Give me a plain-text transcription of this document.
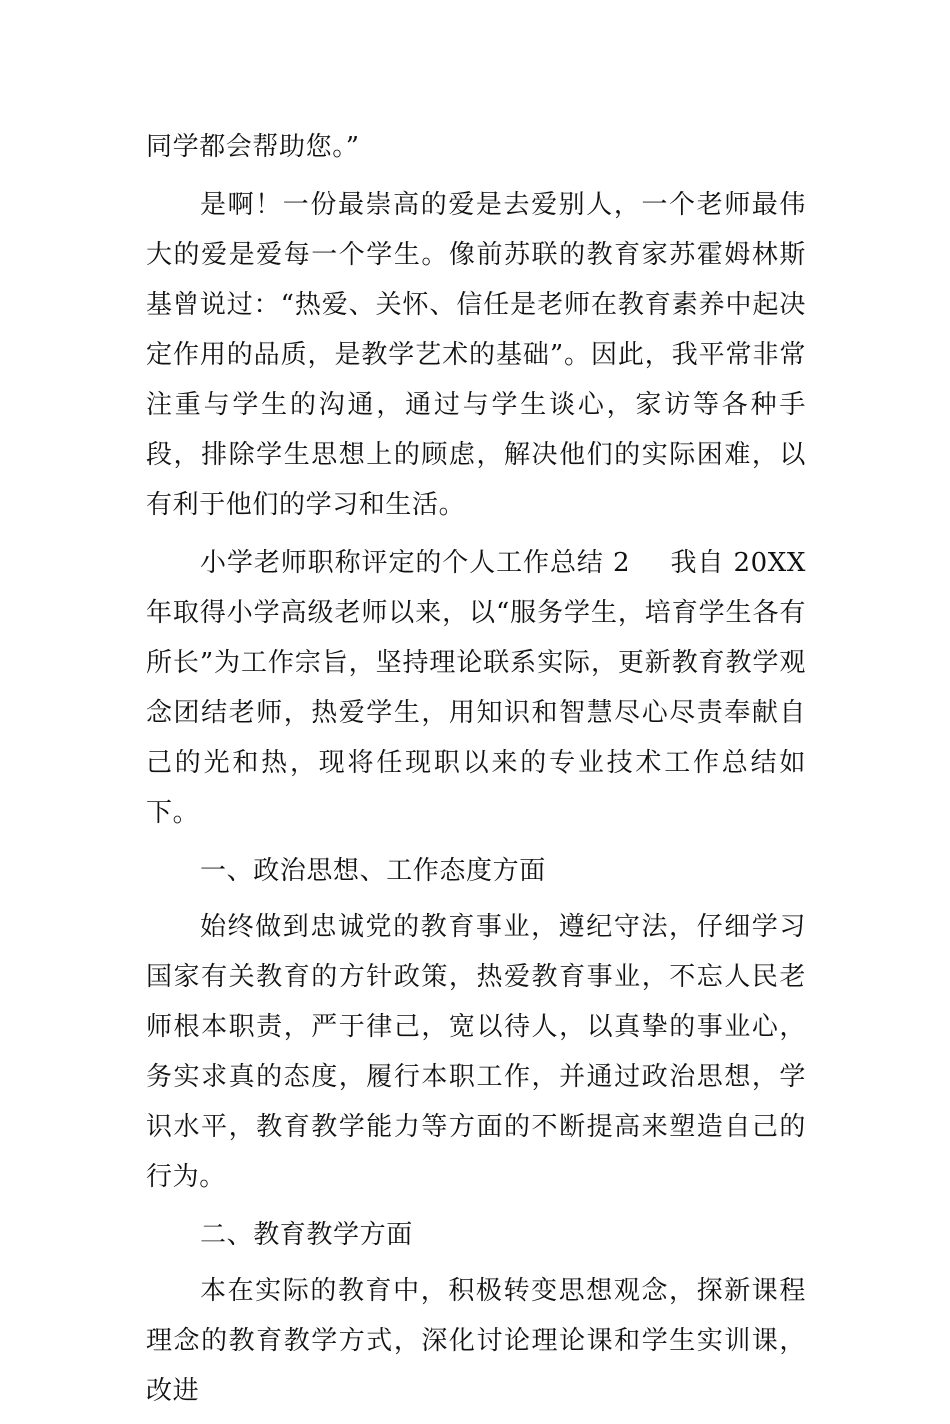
同学都会帮助您。”

是啊！一份最崇高的爱是去爱别人，一个老师最伟大的爱是爱每一个学生。像前苏联的教育家苏霍姆林斯基曾说过：“热爱、关怀、信任是老师在教育素养中起决定作用的品质，是教学艺术的基础”。因此，我平常非常注重与学生的沟通，通过与学生谈心，家访等各种手段，排除学生思想上的顾虑，解决他们的实际困难，以有利于他们的学习和生活。

小学老师职称评定的个人工作总结 2 我自 20XX 年取得小学高级老师以来，以“服务学生，培育学生各有所长”为工作宗旨，坚持理论联系实际，更新教育教学观念团结老师，热爱学生，用知识和智慧尽心尽责奉献自己的光和热，现将任现职以来的专业技术工作总结如下。

一、政治思想、工作态度方面

始终做到忠诚党的教育事业，遵纪守法，仔细学习国家有关教育的方针政策，热爱教育事业，不忘人民老师根本职责，严于律己，宽以待人，以真挚的事业心，务实求真的态度，履行本职工作，并通过政治思想，学识水平，教育教学能力等方面的不断提高来塑造自己的行为。

二、教育教学方面

本在实际的教育中，积极转变思想观念，探新课程理念的教育教学方式，深化讨论理论课和学生实训课，改进
